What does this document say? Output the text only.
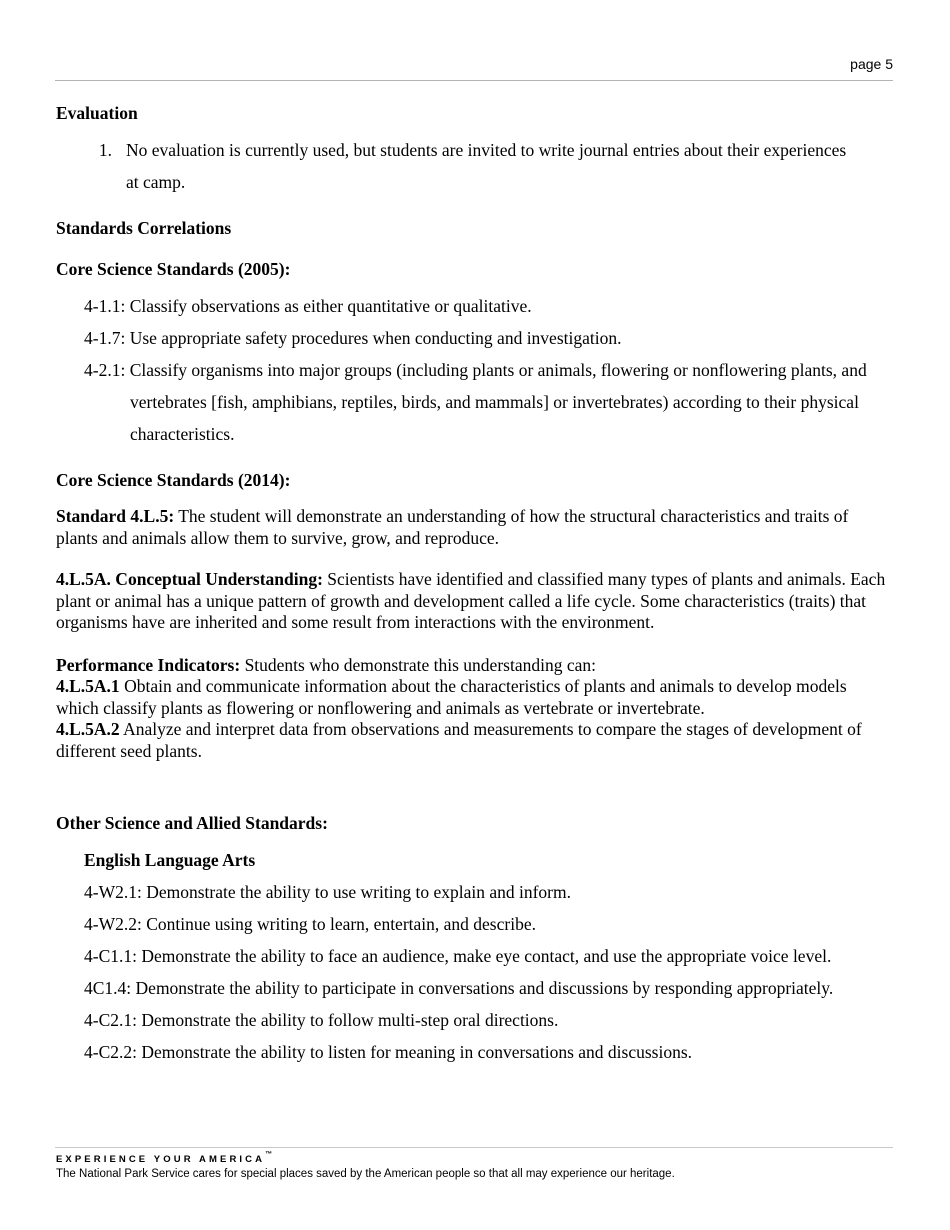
page 5

Evaluation

1. No evaluation is currently used, but students are invited to write journal entries about their experiences
at camp.

Standards Correlations

Core Science Standards (2005):

4-1.1: Classify observations as either quantitative or qualitative.
4-1.7: Use appropriate safety procedures when conducting and investigation.
4-2.1: Classify organisms into major groups (including plants or animals, flowering or nonflowering plants, and vertebrates [fish, amphibians, reptiles, birds, and mammals] or invertebrates) according to their physical characteristics.

Core Science Standards (2014):

Standard 4.L.5: The student will demonstrate an understanding of how the structural characteristics and traits of plants and animals allow them to survive, grow, and reproduce.

4.L.5A. Conceptual Understanding: Scientists have identified and classified many types of plants and animals. Each plant or animal has a unique pattern of growth and development called a life cycle. Some characteristics (traits) that organisms have are inherited and some result from interactions with the environment.

Performance Indicators: Students who demonstrate this understanding can:
4.L.5A.1 Obtain and communicate information about the characteristics of plants and animals to develop models which classify plants as flowering or nonflowering and animals as vertebrate or invertebrate.
4.L.5A.2 Analyze and interpret data from observations and measurements to compare the stages of development of different seed plants.

Other Science and Allied Standards:

English Language Arts

4-W2.1: Demonstrate the ability to use writing to explain and inform.
4-W2.2: Continue using writing to learn, entertain, and describe.
4-C1.1: Demonstrate the ability to face an audience, make eye contact, and use the appropriate voice level.
4C1.4: Demonstrate the ability to participate in conversations and discussions by responding appropriately.
4-C2.1: Demonstrate the ability to follow multi-step oral directions.
4-C2.2: Demonstrate the ability to listen for meaning in conversations and discussions.
EXPERIENCE YOUR AMERICA™
The National Park Service cares for special places saved by the American people so that all may experience our heritage.
